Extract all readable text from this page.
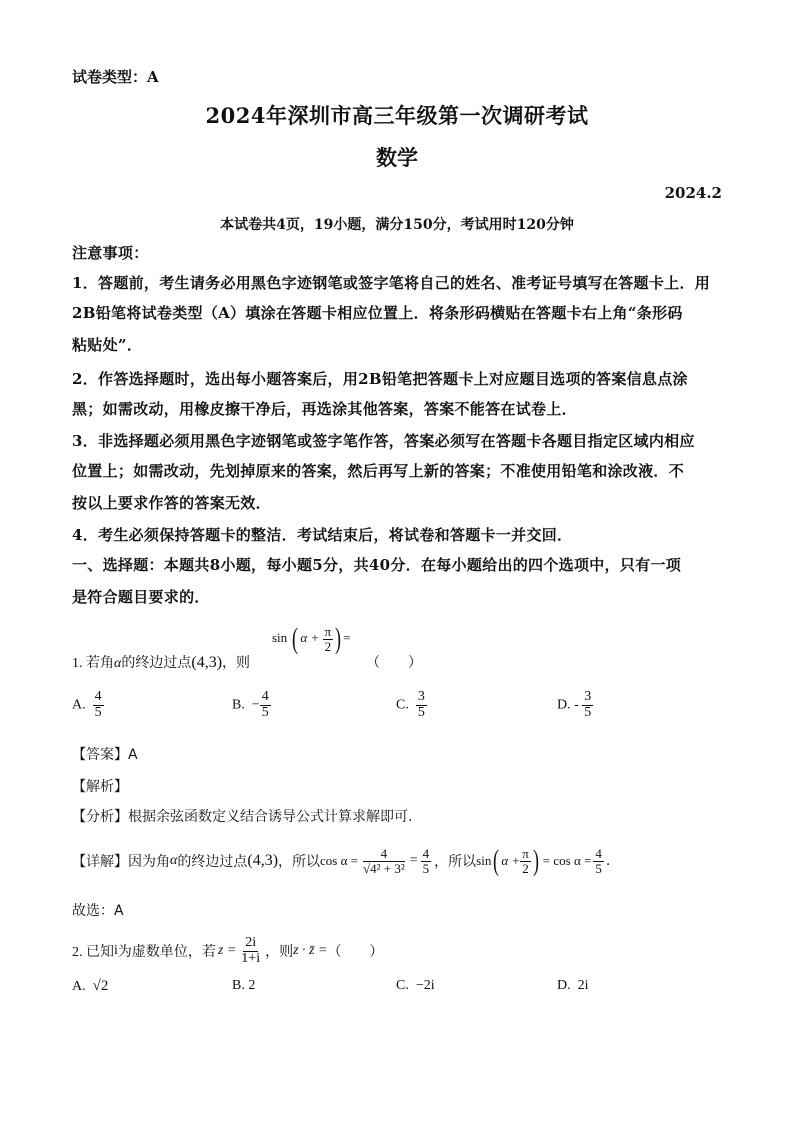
试卷类型：A
2024年深圳市高三年级第一次调研考试
数学
2024.2
本试卷共4页，19小题，满分150分，考试用时120分钟
注意事项：
1．答题前，考生请务必用黑色字迹钢笔或签字笔将自己的姓名、准考证号填写在答题卡上．用
2B铅笔将试卷类型（A）填涂在答题卡相应位置上．将条形码横贴在答题卡右上角“条形码
粘贴处”．
2．作答选择题时，选出每小题答案后，用2B铅笔把答题卡上对应题目选项的答案信息点涂
黑；如需改动，用橡皮擦干净后，再选涂其他答案，答案不能答在试卷上．
3．非选择题必须用黑色字迹钢笔或签字笔作答，答案必须写在答题卡各题目指定区域内相应
位置上；如需改动，先划掉原来的答案，然后再写上新的答案；不准使用铅笔和涂改液．不
按以上要求作答的答案无效．
4．考生必须保持答题卡的整洁．考试结束后，将试卷和答题卡一并交回．
一、选择题：本题共8小题，每小题5分，共40分．在每小题给出的四个选项中，只有一项
是符合题目要求的．
1. 若角α的终边过点(4,3)，则
sin ( $\alpha + \frac{\pi}{2}$ ) =
（　　）
A. $\frac{4}{5}$	B. − $\frac{4}{5}$	C. $\frac{3}{5}$	D. - $\frac{3}{5}$
【答案】A
【解析】
【分析】根据余弦函数定义结合诱导公式计算求解即可.
【详解】 因为角 α 的终边过点 (4,3) ，所以 $\cos \alpha = \frac{4}{\text{√4² + 3²}} = \frac{4}{5}$ ，所以 sin ( $\alpha + \frac{\pi}{2}$ ) = $\cos \alpha = \frac{4}{5}$ .
故选：A
2. 已知 i 为虚数单位，若 $z = \frac{2i}{1+i}$ ，则 z · z̄ = （　　）
A. √2	B. 2	C. −2i	D. 2i
